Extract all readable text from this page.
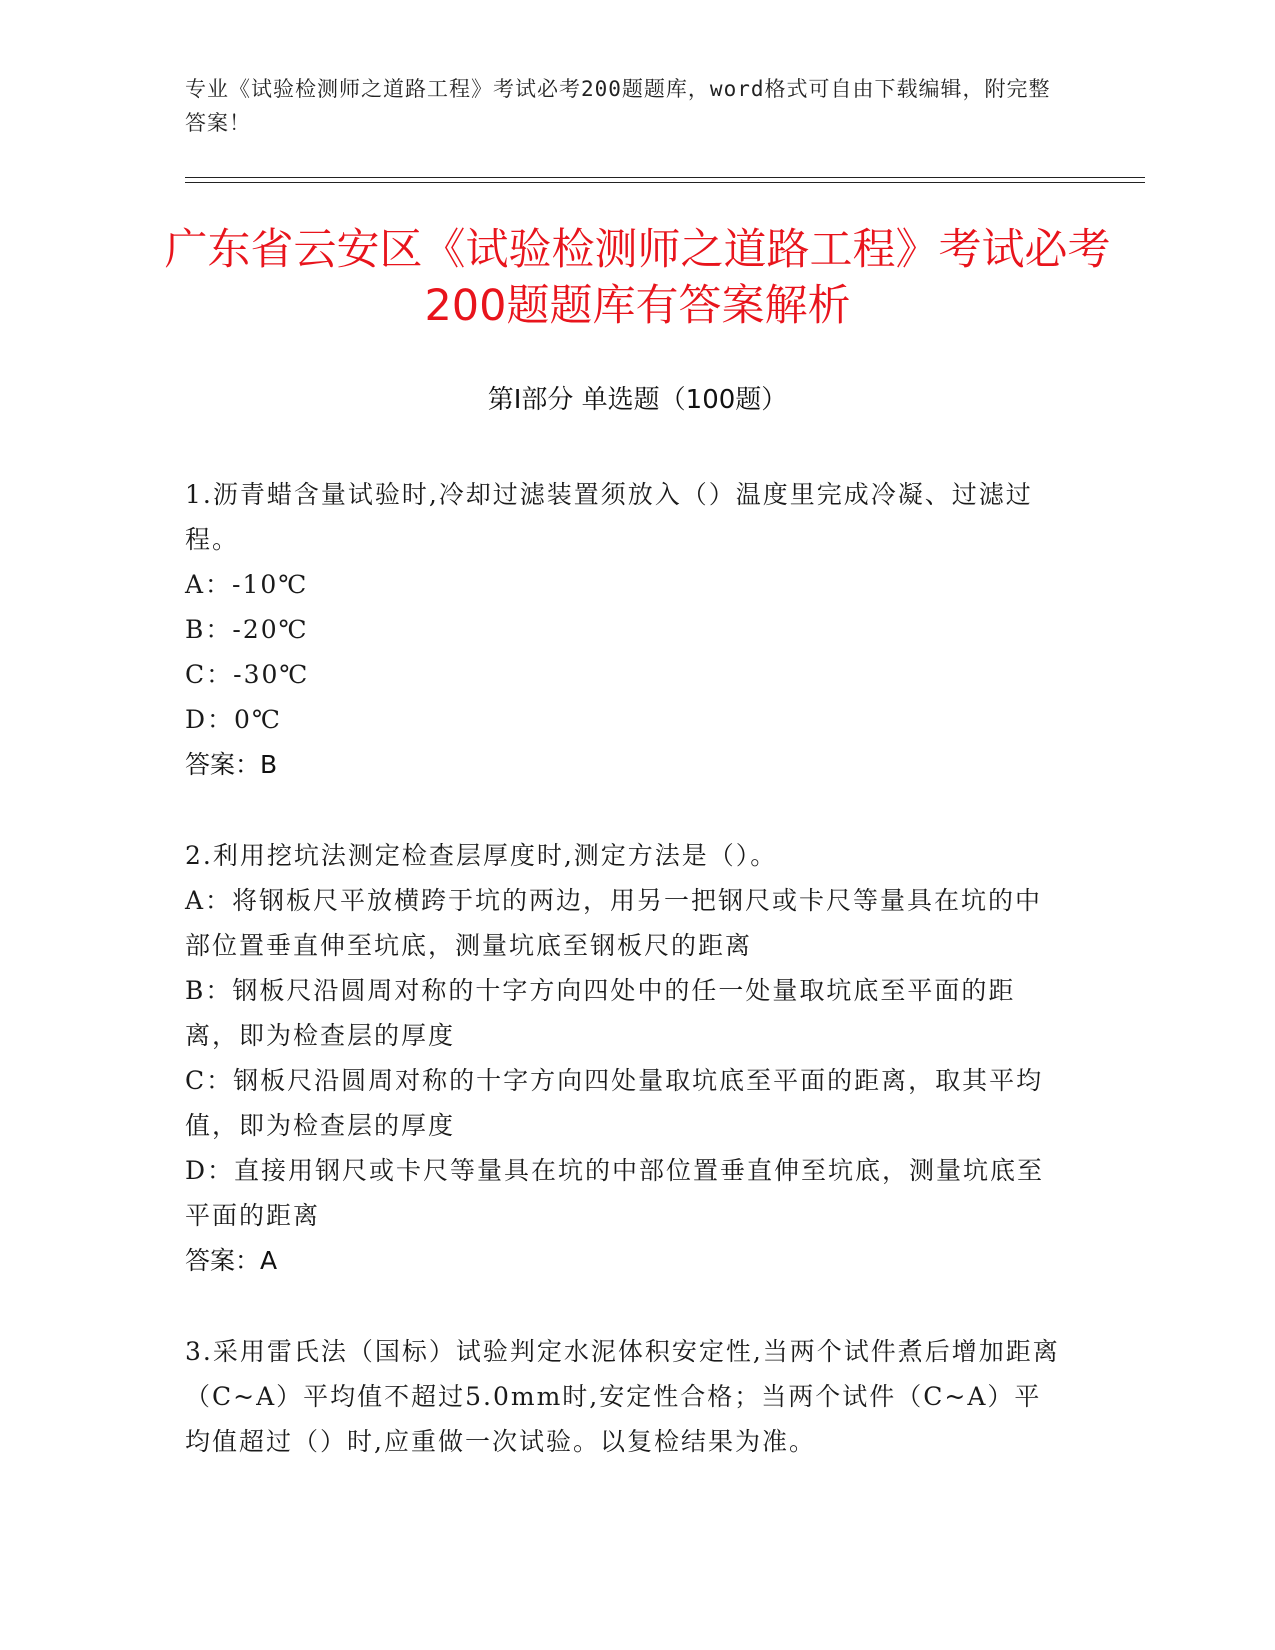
专业《试验检测师之道路工程》考试必考200题题库，word格式可自由下载编辑，附完整答案！
广东省云安区《试验检测师之道路工程》考试必考200题题库有答案解析
第I部分 单选题（100题）
1.沥青蜡含量试验时,冷却过滤装置须放入（）温度里完成冷凝、过滤过程。
A：-10℃
B：-20℃
C：-30℃
D：0℃
答案：B
2.利用挖坑法测定检查层厚度时,测定方法是（）。
A：将钢板尺平放横跨于坑的两边，用另一把钢尺或卡尺等量具在坑的中部位置垂直伸至坑底，测量坑底至钢板尺的距离
B：钢板尺沿圆周对称的十字方向四处中的任一处量取坑底至平面的距离，即为检查层的厚度
C：钢板尺沿圆周对称的十字方向四处量取坑底至平面的距离，取其平均值，即为检查层的厚度
D：直接用钢尺或卡尺等量具在坑的中部位置垂直伸至坑底，测量坑底至平面的距离
答案：A
3.采用雷氏法（国标）试验判定水泥体积安定性,当两个试件煮后增加距离（C~A）平均值不超过5.0mm时,安定性合格；当两个试件（C~A）平均值超过（）时,应重做一次试验。以复检结果为准。
